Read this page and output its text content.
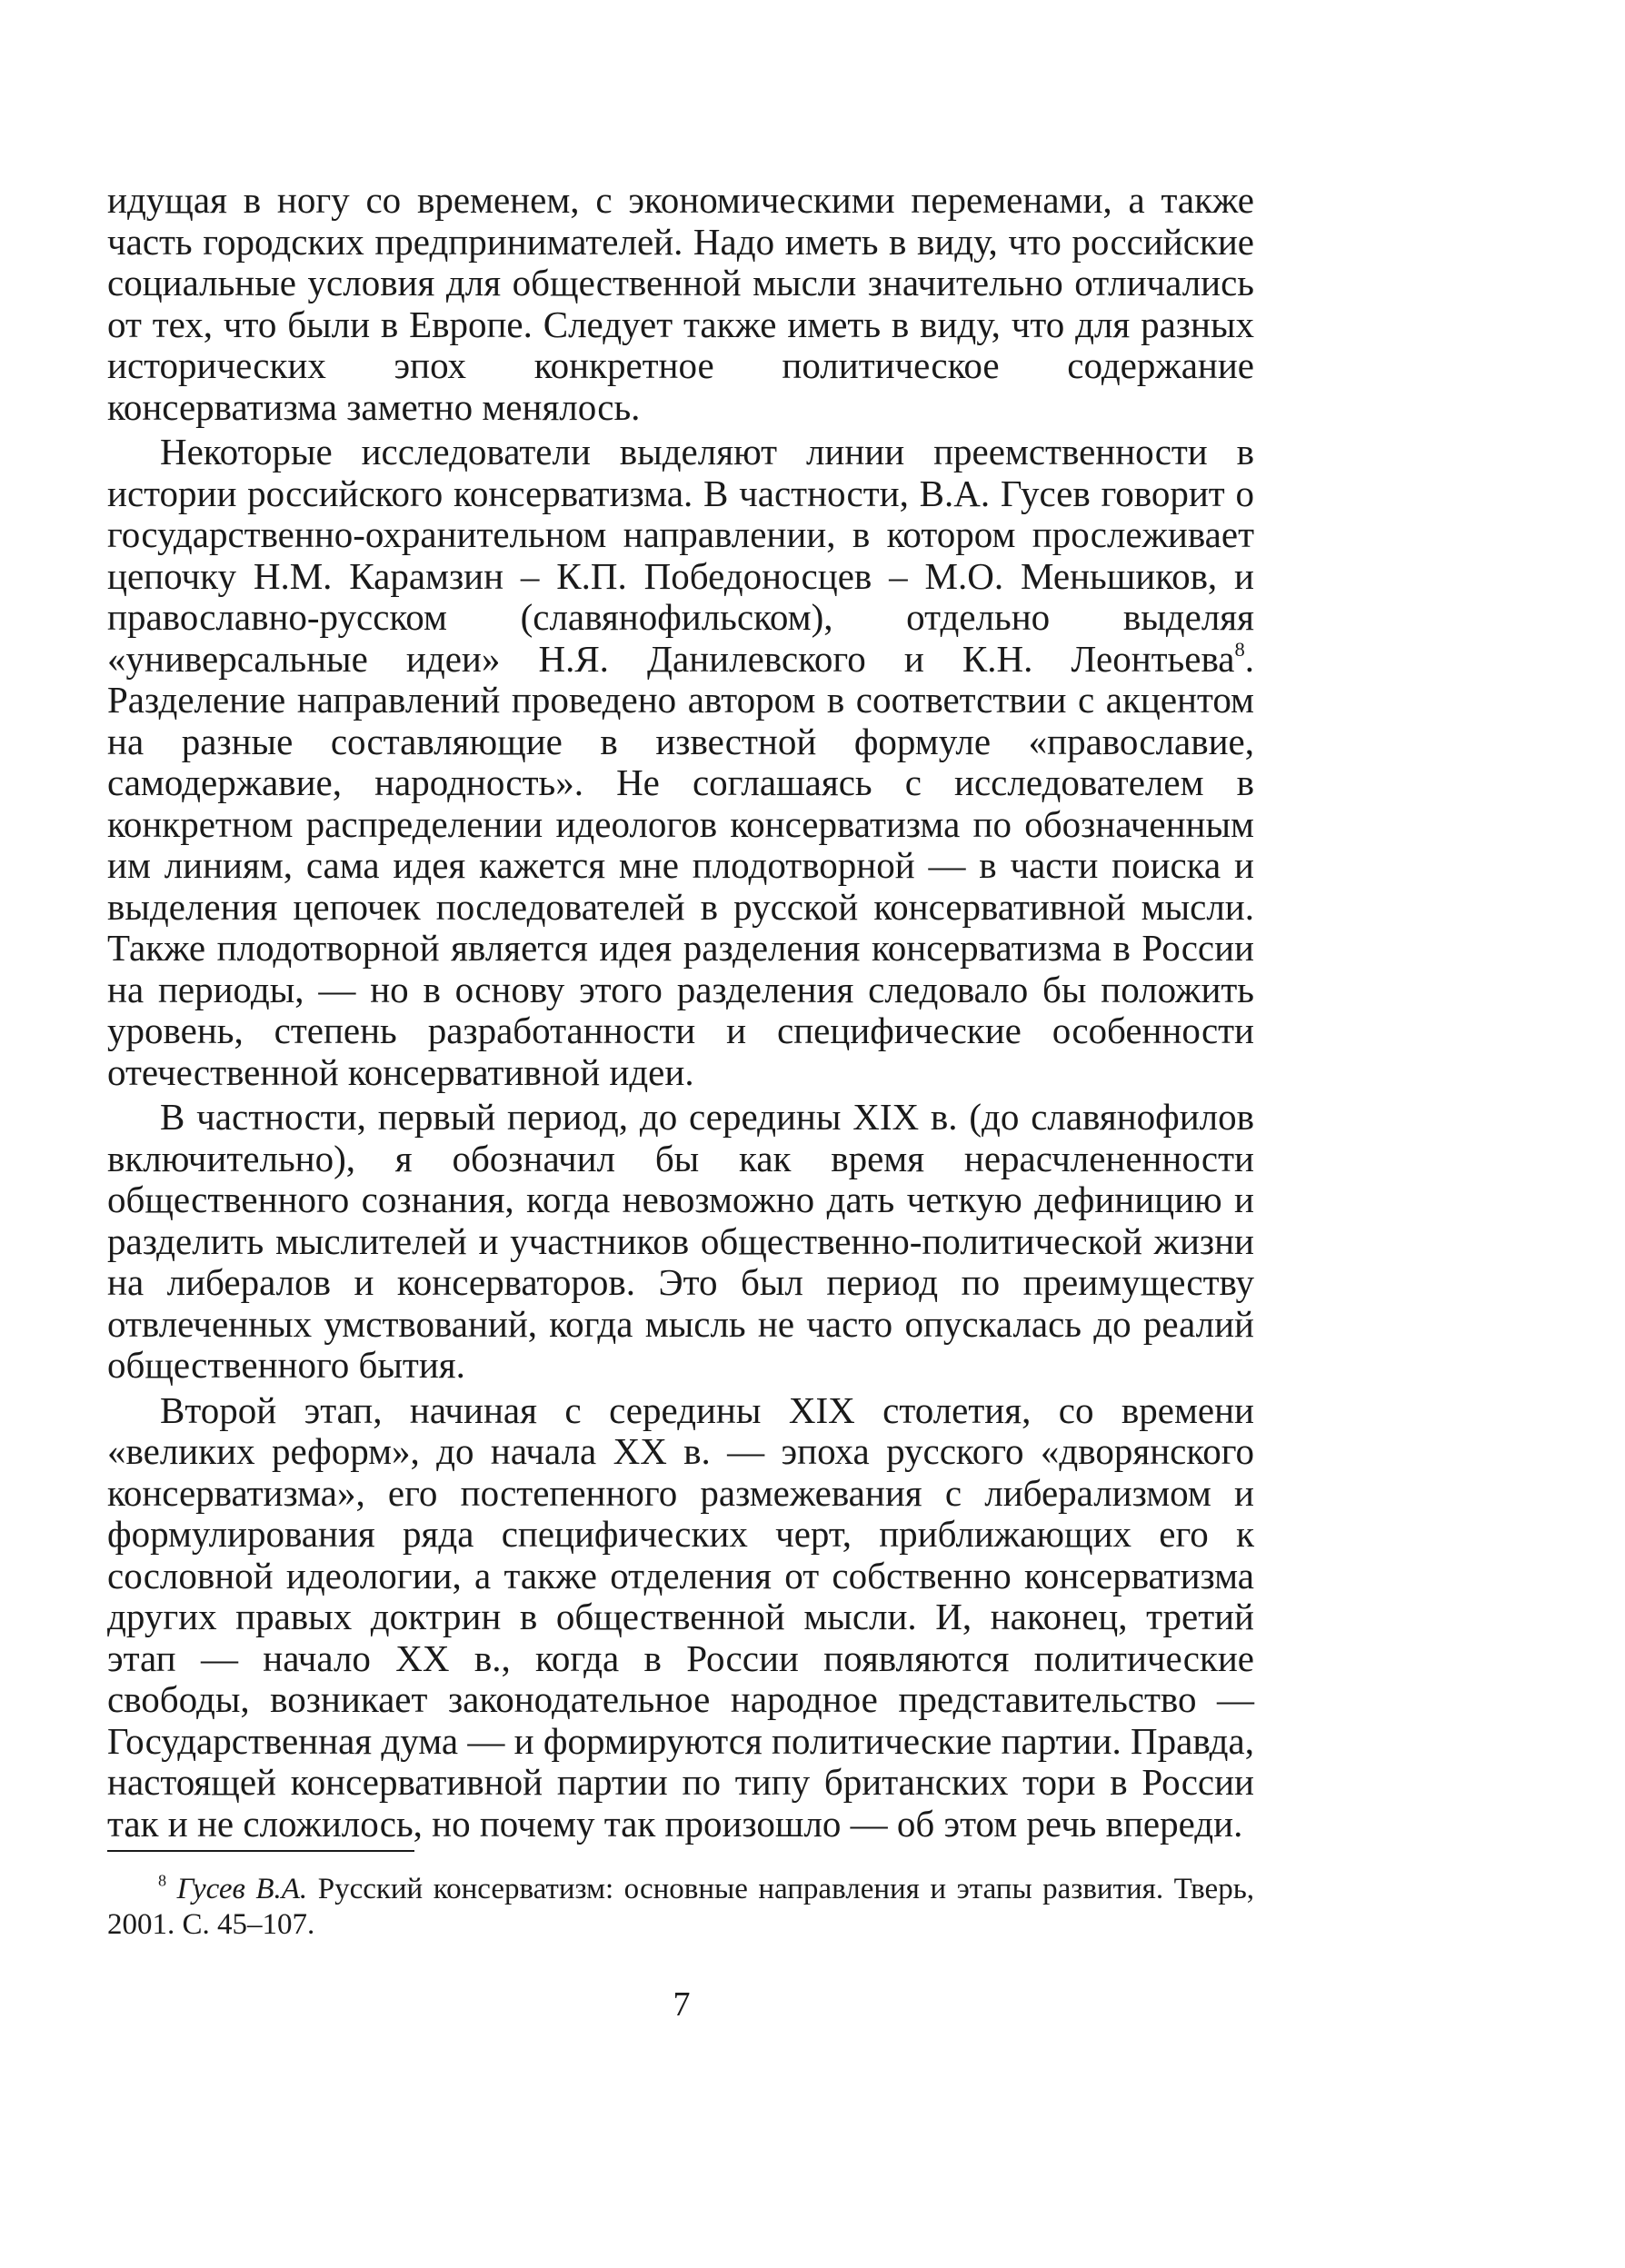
идущая в ногу со временем, с экономическими переменами, а также часть городских предпринимателей. Надо иметь в виду, что российские социальные условия для общественной мысли значительно отличались от тех, что были в Европе. Следует также иметь в виду, что для разных исторических эпох конкретное политическое содержание консерватизма заметно менялось.

Некоторые исследователи выделяют линии преемственности в истории российского консерватизма. В частности, В.А. Гусев говорит о государственно-охранительном направлении, в котором прослеживает цепочку Н.М. Карамзин – К.П. Победоносцев – М.О. Меньшиков, и православно-русском (славянофильском), отдельно выделяя «универсальные идеи» Н.Я. Данилевского и К.Н. Леонтьева$^8$. Разделение направлений проведено автором в соответствии с акцентом на разные составляющие в известной формуле «православие, самодержавие, народность». Не соглашаясь с исследователем в конкретном распределении идеологов консерватизма по обозначенным им линиям, сама идея кажется мне плодотворной — в части поиска и выделения цепочек последователей в русской консервативной мысли. Также плодотворной является идея разделения консерватизма в России на периоды, — но в основу этого разделения следовало бы положить уровень, степень разработанности и специфические особенности отечественной консервативной идеи.

В частности, первый период, до середины XIX в. (до славянофилов включительно), я обозначил бы как время нерасчлененности общественного сознания, когда невозможно дать четкую дефиницию и разделить мыслителей и участников общественно-политической жизни на либералов и консерваторов. Это был период по преимуществу отвлеченных умствований, когда мысль не часто опускалась до реалий общественного бытия.

Второй этап, начиная с середины XIX столетия, со времени «великих реформ», до начала XX в. — эпоха русского «дворянского консерватизма», его постепенного размежевания с либерализмом и формулирования ряда специфических черт, приближающих его к сословной идеологии, а также отделения от собственно консерватизма других правых доктрин в общественной мысли. И, наконец, третий этап — начало XX в., когда в России появляются политические свободы, возникает законодательное народное представительство — Государственная дума — и формируются политические партии. Правда, настоящей консервативной партии по типу британских тори в России так и не сложилось, но почему так произошло — об этом речь впереди.

$^8$ Гусев В.А. Русский консерватизм: основные направления и этапы развития. Тверь, 2001. С. 45–107.

7
